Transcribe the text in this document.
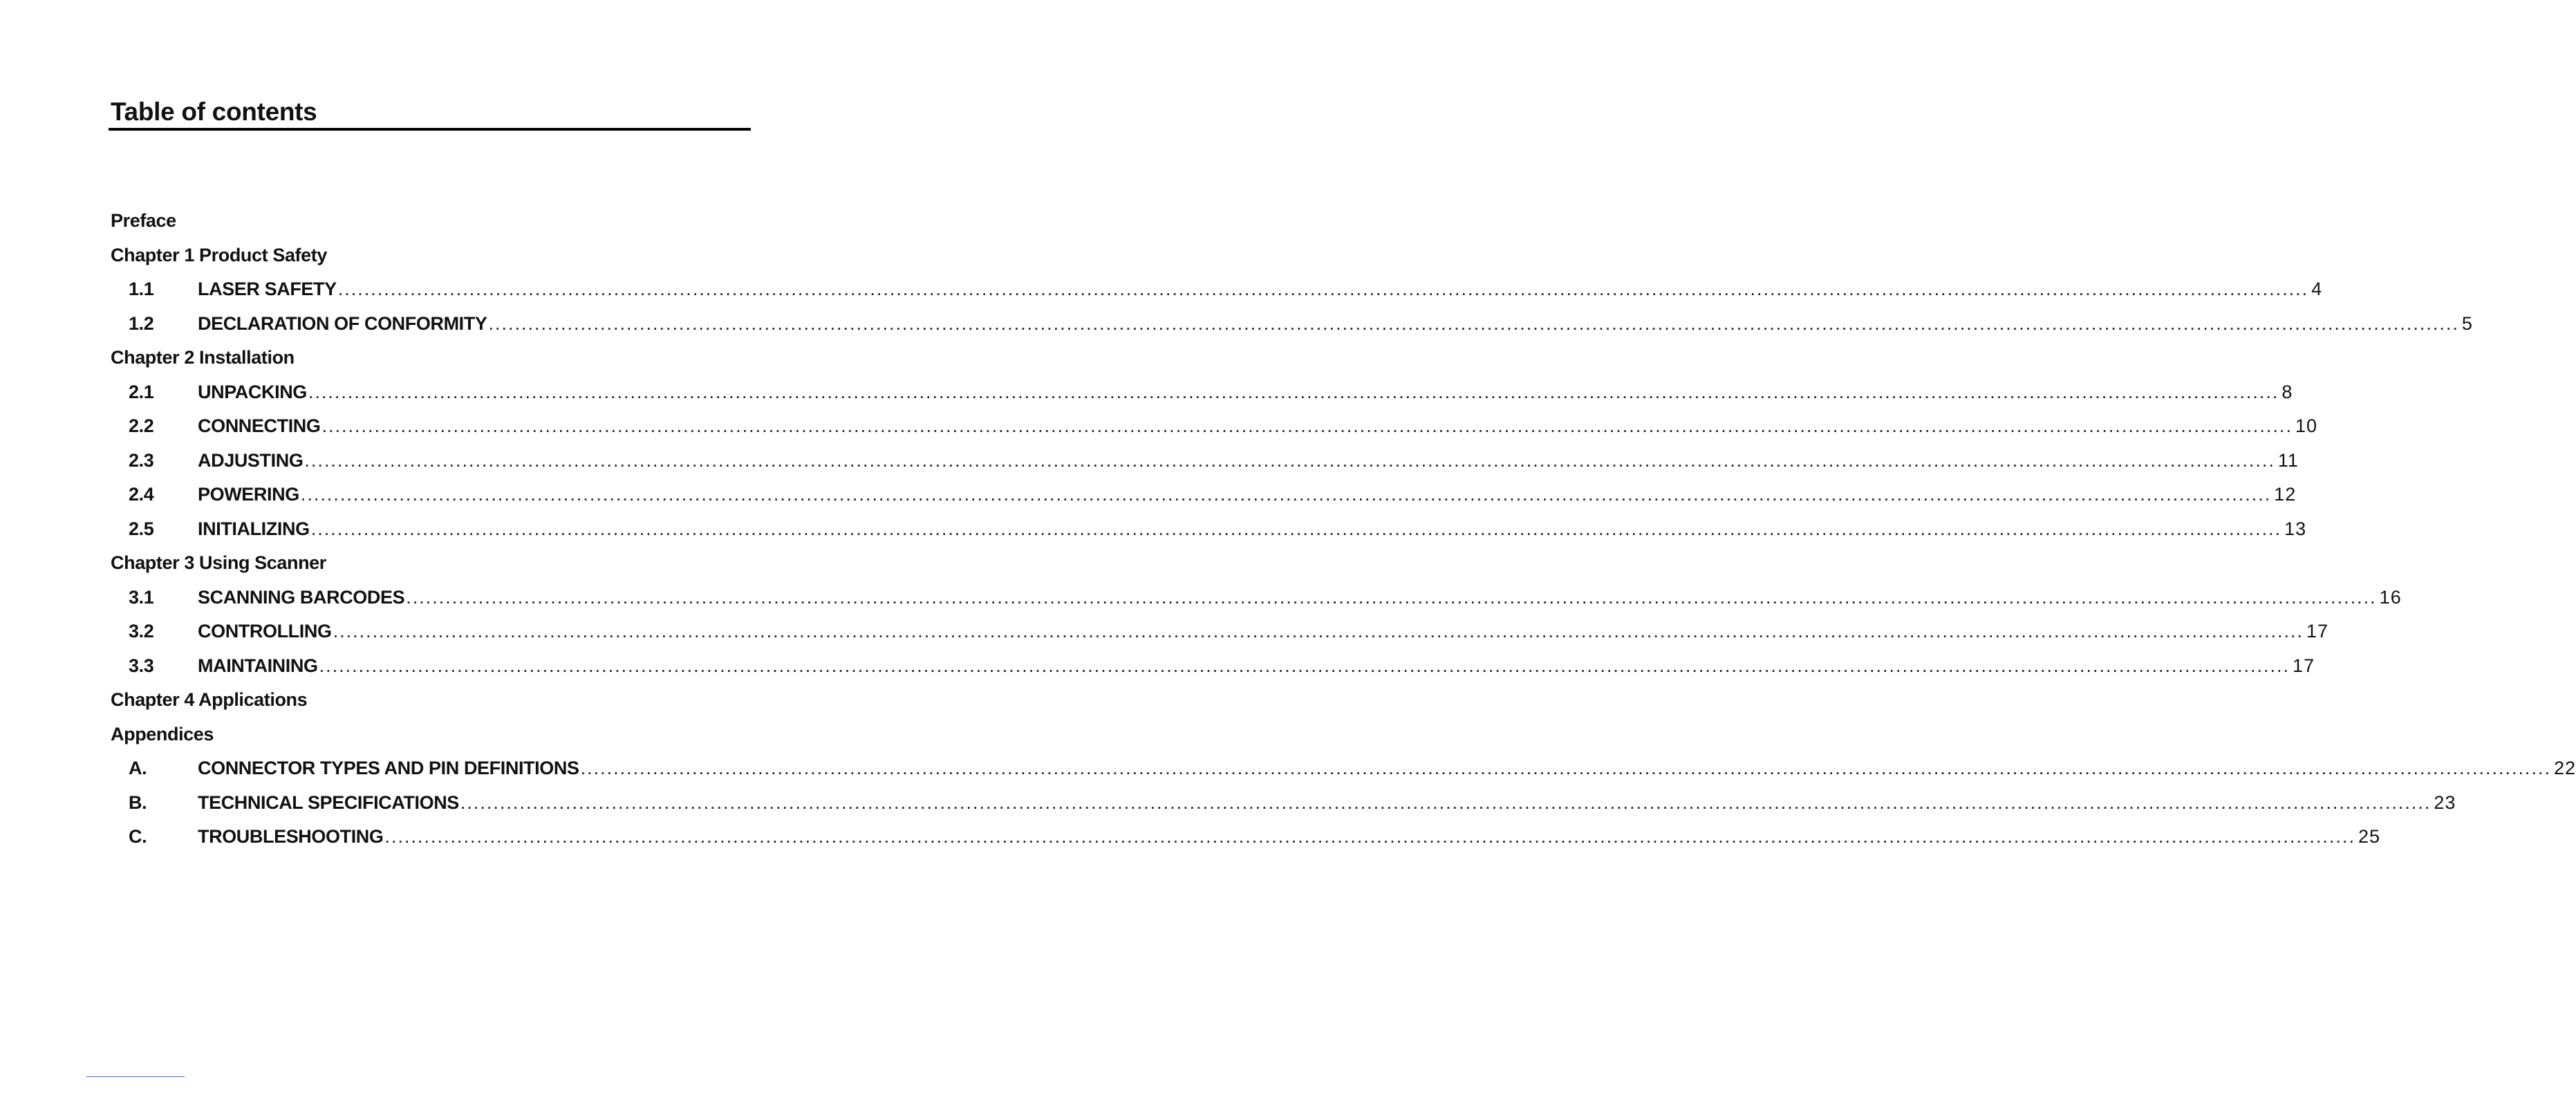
Table of contents
Preface
Chapter 1 Product Safety
1.1 LASER SAFETY ............................................................................................................................................................................................................................................................................................................ 4
1.2 DECLARATION OF CONFORMITY ............................................................................................................................................................................................................................................................................................................ 5
Chapter 2 Installation
2.1 UNPACKING ............................................................................................................................................................................................................................................................................................................ 8
2.2 CONNECTING ............................................................................................................................................................................................................................................................................................................ 10
2.3 ADJUSTING ............................................................................................................................................................................................................................................................................................................ 11
2.4 POWERING ............................................................................................................................................................................................................................................................................................................ 12
2.5 INITIALIZING ............................................................................................................................................................................................................................................................................................................ 13
Chapter 3 Using Scanner
3.1 SCANNING BARCODES ............................................................................................................................................................................................................................................................................................................ 16
3.2 CONTROLLING ............................................................................................................................................................................................................................................................................................................ 17
3.3 MAINTAINING ............................................................................................................................................................................................................................................................................................................ 17
Chapter 4 Applications
Appendices
A.	CONNECTOR TYPES AND PIN DEFINITIONS ............................................................................................................................................................................................................................................................................................................ 22
B.	TECHNICAL SPECIFICATIONS ............................................................................................................................................................................................................................................................................................................ 23
C.	TROUBLESHOOTING ............................................................................................................................................................................................................................................................................................................ 25
